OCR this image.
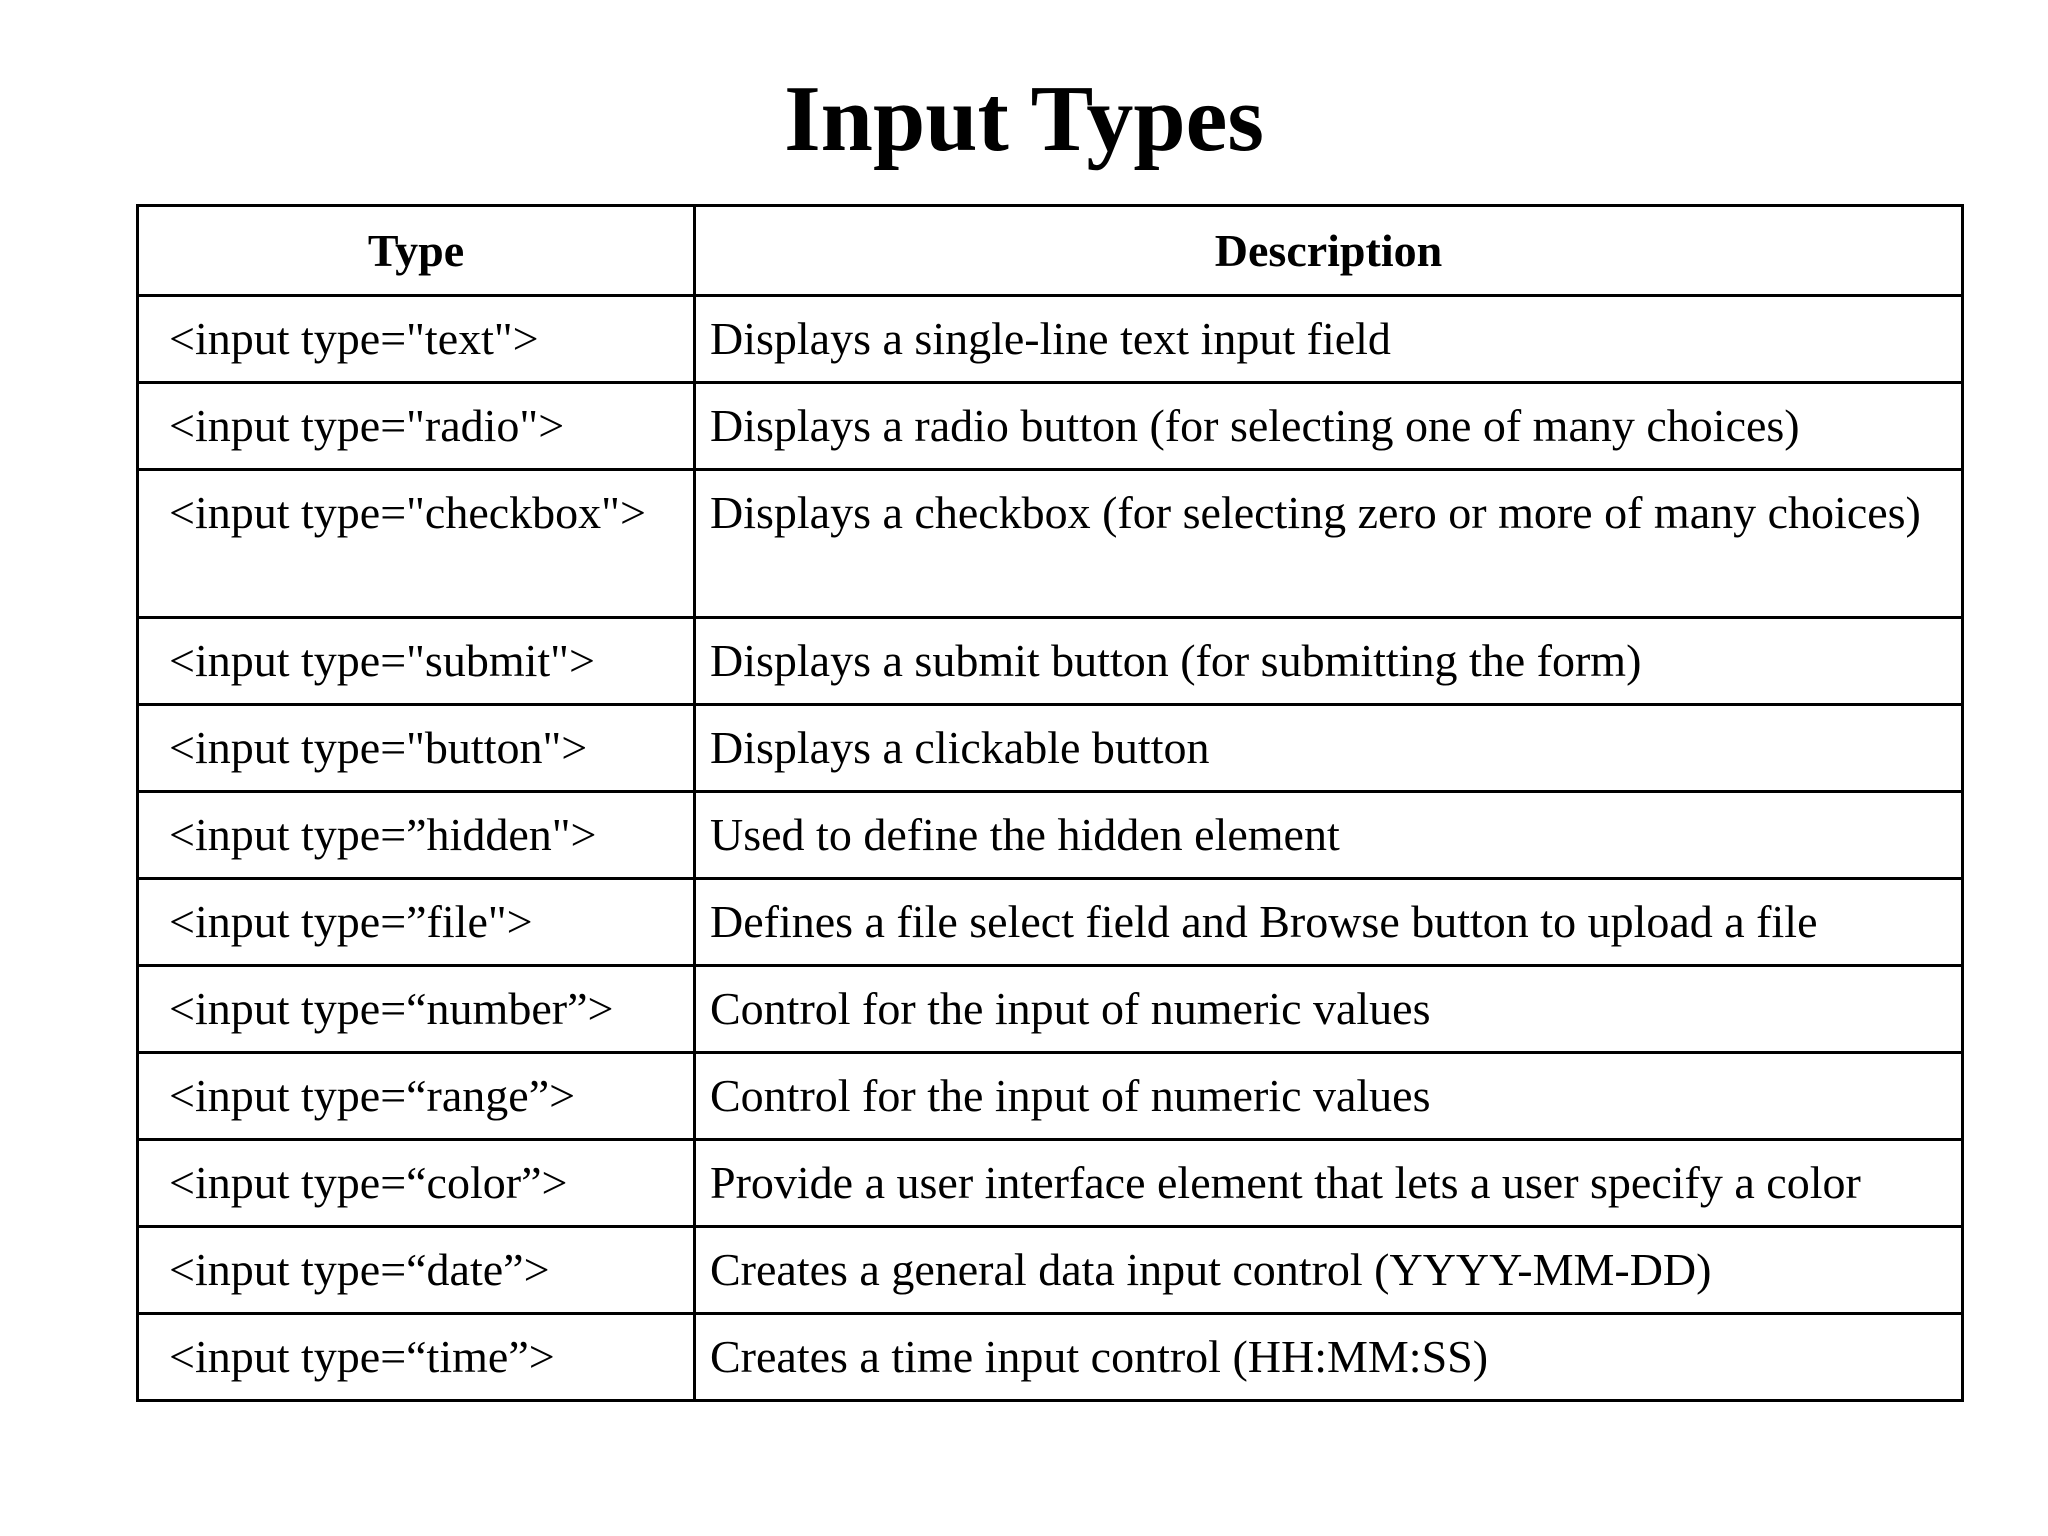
Input Types
Type	Description
<input type="text">	Displays a single-line text input field
<input type="radio">	Displays a radio button (for selecting one of many choices)
<input type="checkbox">	Displays a checkbox (for selecting zero or more of many choices)
<input type="submit">	Displays a submit button (for submitting the form)
<input type="button">	Displays a clickable button
<input type=”hidden">	Used to define the hidden element
<input type=”file">	Defines a file select field and Browse button to upload a file
<input type=“number”>	Control for the input of numeric values
<input type=“range”>	Control for the input of numeric values
<input type=“color”>	Provide a user interface element that lets a user specify a color
<input type=“date”>	Creates a general data input control (YYYY-MM-DD)
<input type=“time”>	Creates a time input control (HH:MM:SS)
